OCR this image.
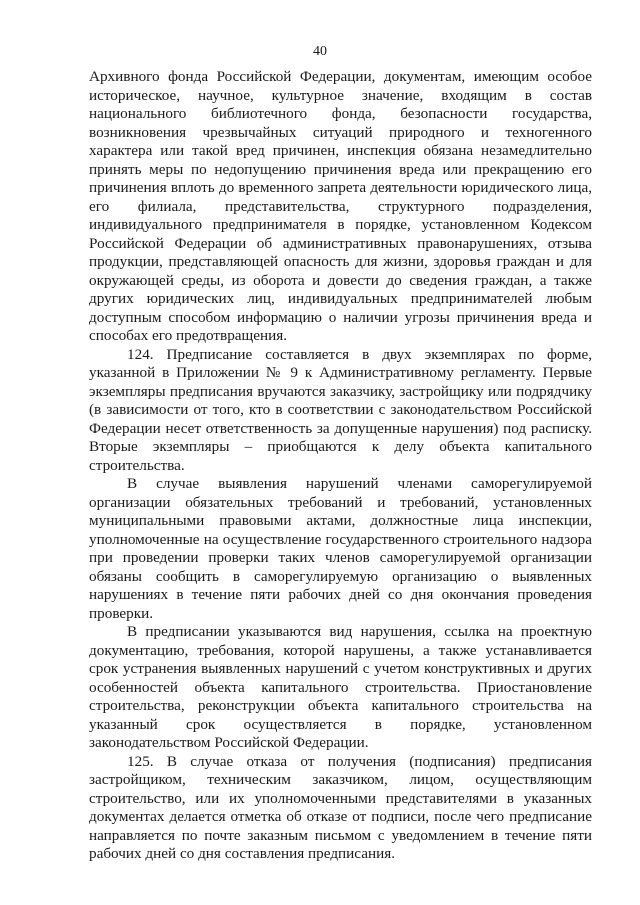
40

Архивного фонда Российской Федерации, документам, имеющим особое историческое, научное, культурное значение, входящим в состав национального библиотечного фонда, безопасности государства, возникновения чрезвычайных ситуаций природного и техногенного характера или такой вред причинен, инспекция обязана незамедлительно принять меры по недопущению причинения вреда или прекращению его причинения вплоть до временного запрета деятельности юридического лица, его филиала, представительства, структурного подразделения, индивидуального предпринимателя в порядке, установленном Кодексом Российской Федерации об административных правонарушениях, отзыва продукции, представляющей опасность для жизни, здоровья граждан и для окружающей среды, из оборота и довести до сведения граждан, а также других юридических лиц, индивидуальных предпринимателей любым доступным способом информацию о наличии угрозы причинения вреда и способах его предотвращения.

124. Предписание составляется в двух экземплярах по форме, указанной в Приложении № 9 к Административному регламенту. Первые экземпляры предписания вручаются заказчику, застройщику или подрядчику (в зависимости от того, кто в соответствии с законодательством Российской Федерации несет ответственность за допущенные нарушения) под расписку. Вторые экземпляры – приобщаются к делу объекта капитального строительства.

В случае выявления нарушений членами саморегулируемой организации обязательных требований и требований, установленных муниципальными правовыми актами, должностные лица инспекции, уполномоченные на осуществление государственного строительного надзора при проведении проверки таких членов саморегулируемой организации обязаны сообщить в саморегулируемую организацию о выявленных нарушениях в течение пяти рабочих дней со дня окончания проведения проверки.

В предписании указываются вид нарушения, ссылка на проектную документацию, требования, которой нарушены, а также устанавливается срок устранения выявленных нарушений с учетом конструктивных и других особенностей объекта капитального строительства. Приостановление строительства, реконструкции объекта капитального строительства на указанный срок осуществляется в порядке, установленном законодательством Российской Федерации.

125. В случае отказа от получения (подписания) предписания застройщиком, техническим заказчиком, лицом, осуществляющим строительство, или их уполномоченными представителями в указанных документах делается отметка об отказе от подписи, после чего предписание направляется по почте заказным письмом с уведомлением в течение пяти рабочих дней со дня составления предписания.
